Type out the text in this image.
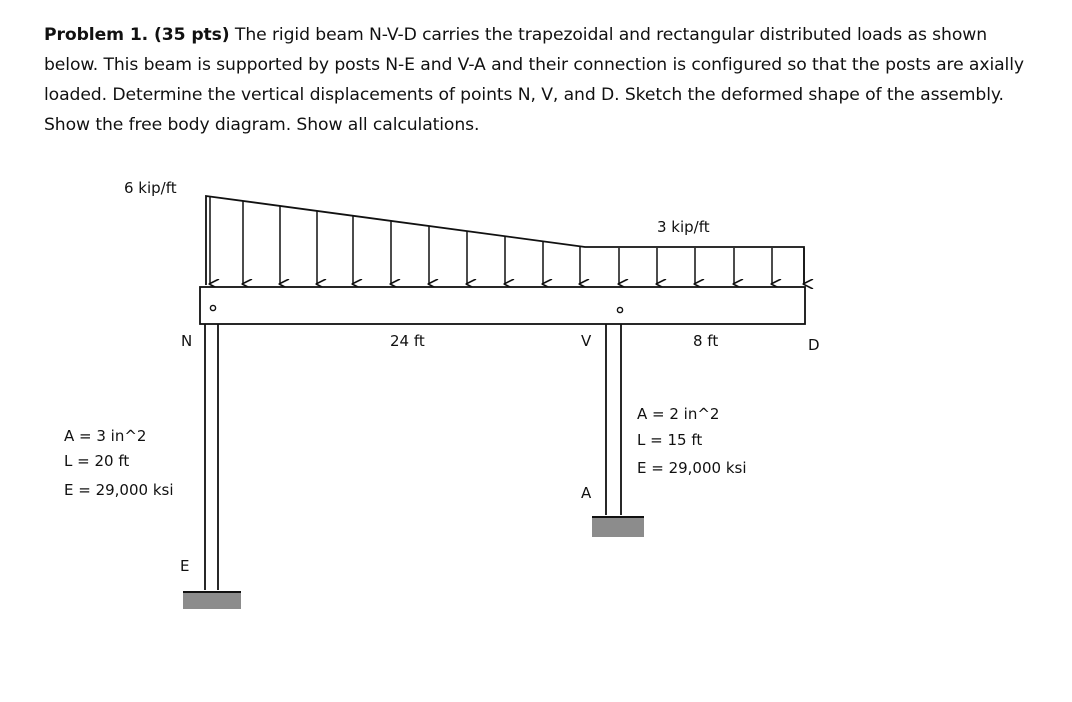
Problem 1. (35 pts) The rigid beam N-V-D carries the trapezoidal and rectangular distributed loads as shown below. This beam is supported by posts N-E and V-A and their connection is configured so that the posts are axially loaded. Determine the vertical displacements of points N, V, and D. Sketch the deformed shape of the assembly. Show the free body diagram. Show all calculations.
6 kip/ft
3 kip/ft
N	V	D
A
E
24 ft	8 ft
A = 3 in^2
L = 20 ft
E = 29,000 ksi
A = 2 in^2
L = 15 ft
E = 29,000 ksi
